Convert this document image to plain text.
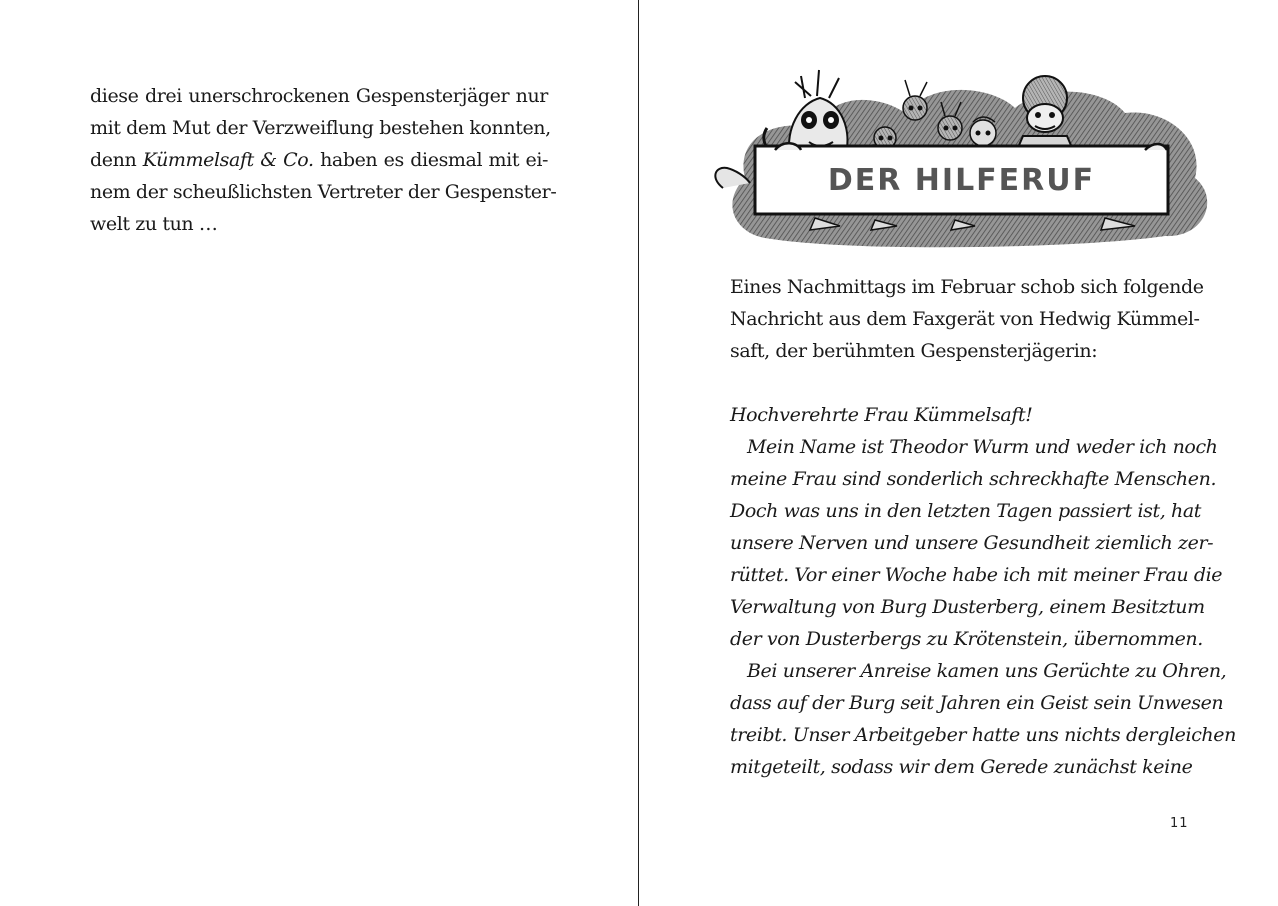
diese drei unerschrockenen Gespensterjäger nur
mit dem Mut der Verzweiflung bestehen konnten,
denn Kümmelsaft & Co. haben es diesmal mit ei-
nem der scheußlichsten Vertreter der Gespenster-
welt zu tun …
DER HILFERUF
Eines Nachmittags im Februar schob sich folgende
Nachricht aus dem Faxgerät von Hedwig Kümmel-
saft, der berühmten Gespensterjägerin:
Hochverehrte Frau Kümmelsaft!
Mein Name ist Theodor Wurm und weder ich noch
meine Frau sind sonderlich schreckhafte Menschen.
Doch was uns in den letzten Tagen passiert ist, hat
unsere Nerven und unsere Gesundheit ziemlich zer-
rüttet. Vor einer Woche habe ich mit meiner Frau die
Verwaltung von Burg Dusterberg, einem Besitztum
der von Dusterbergs zu Krötenstein, übernommen.
Bei unserer Anreise kamen uns Gerüchte zu Ohren,
dass auf der Burg seit Jahren ein Geist sein Unwesen
treibt. Unser Arbeitgeber hatte uns nichts dergleichen
mitgeteilt, sodass wir dem Gerede zunächst keine
11
